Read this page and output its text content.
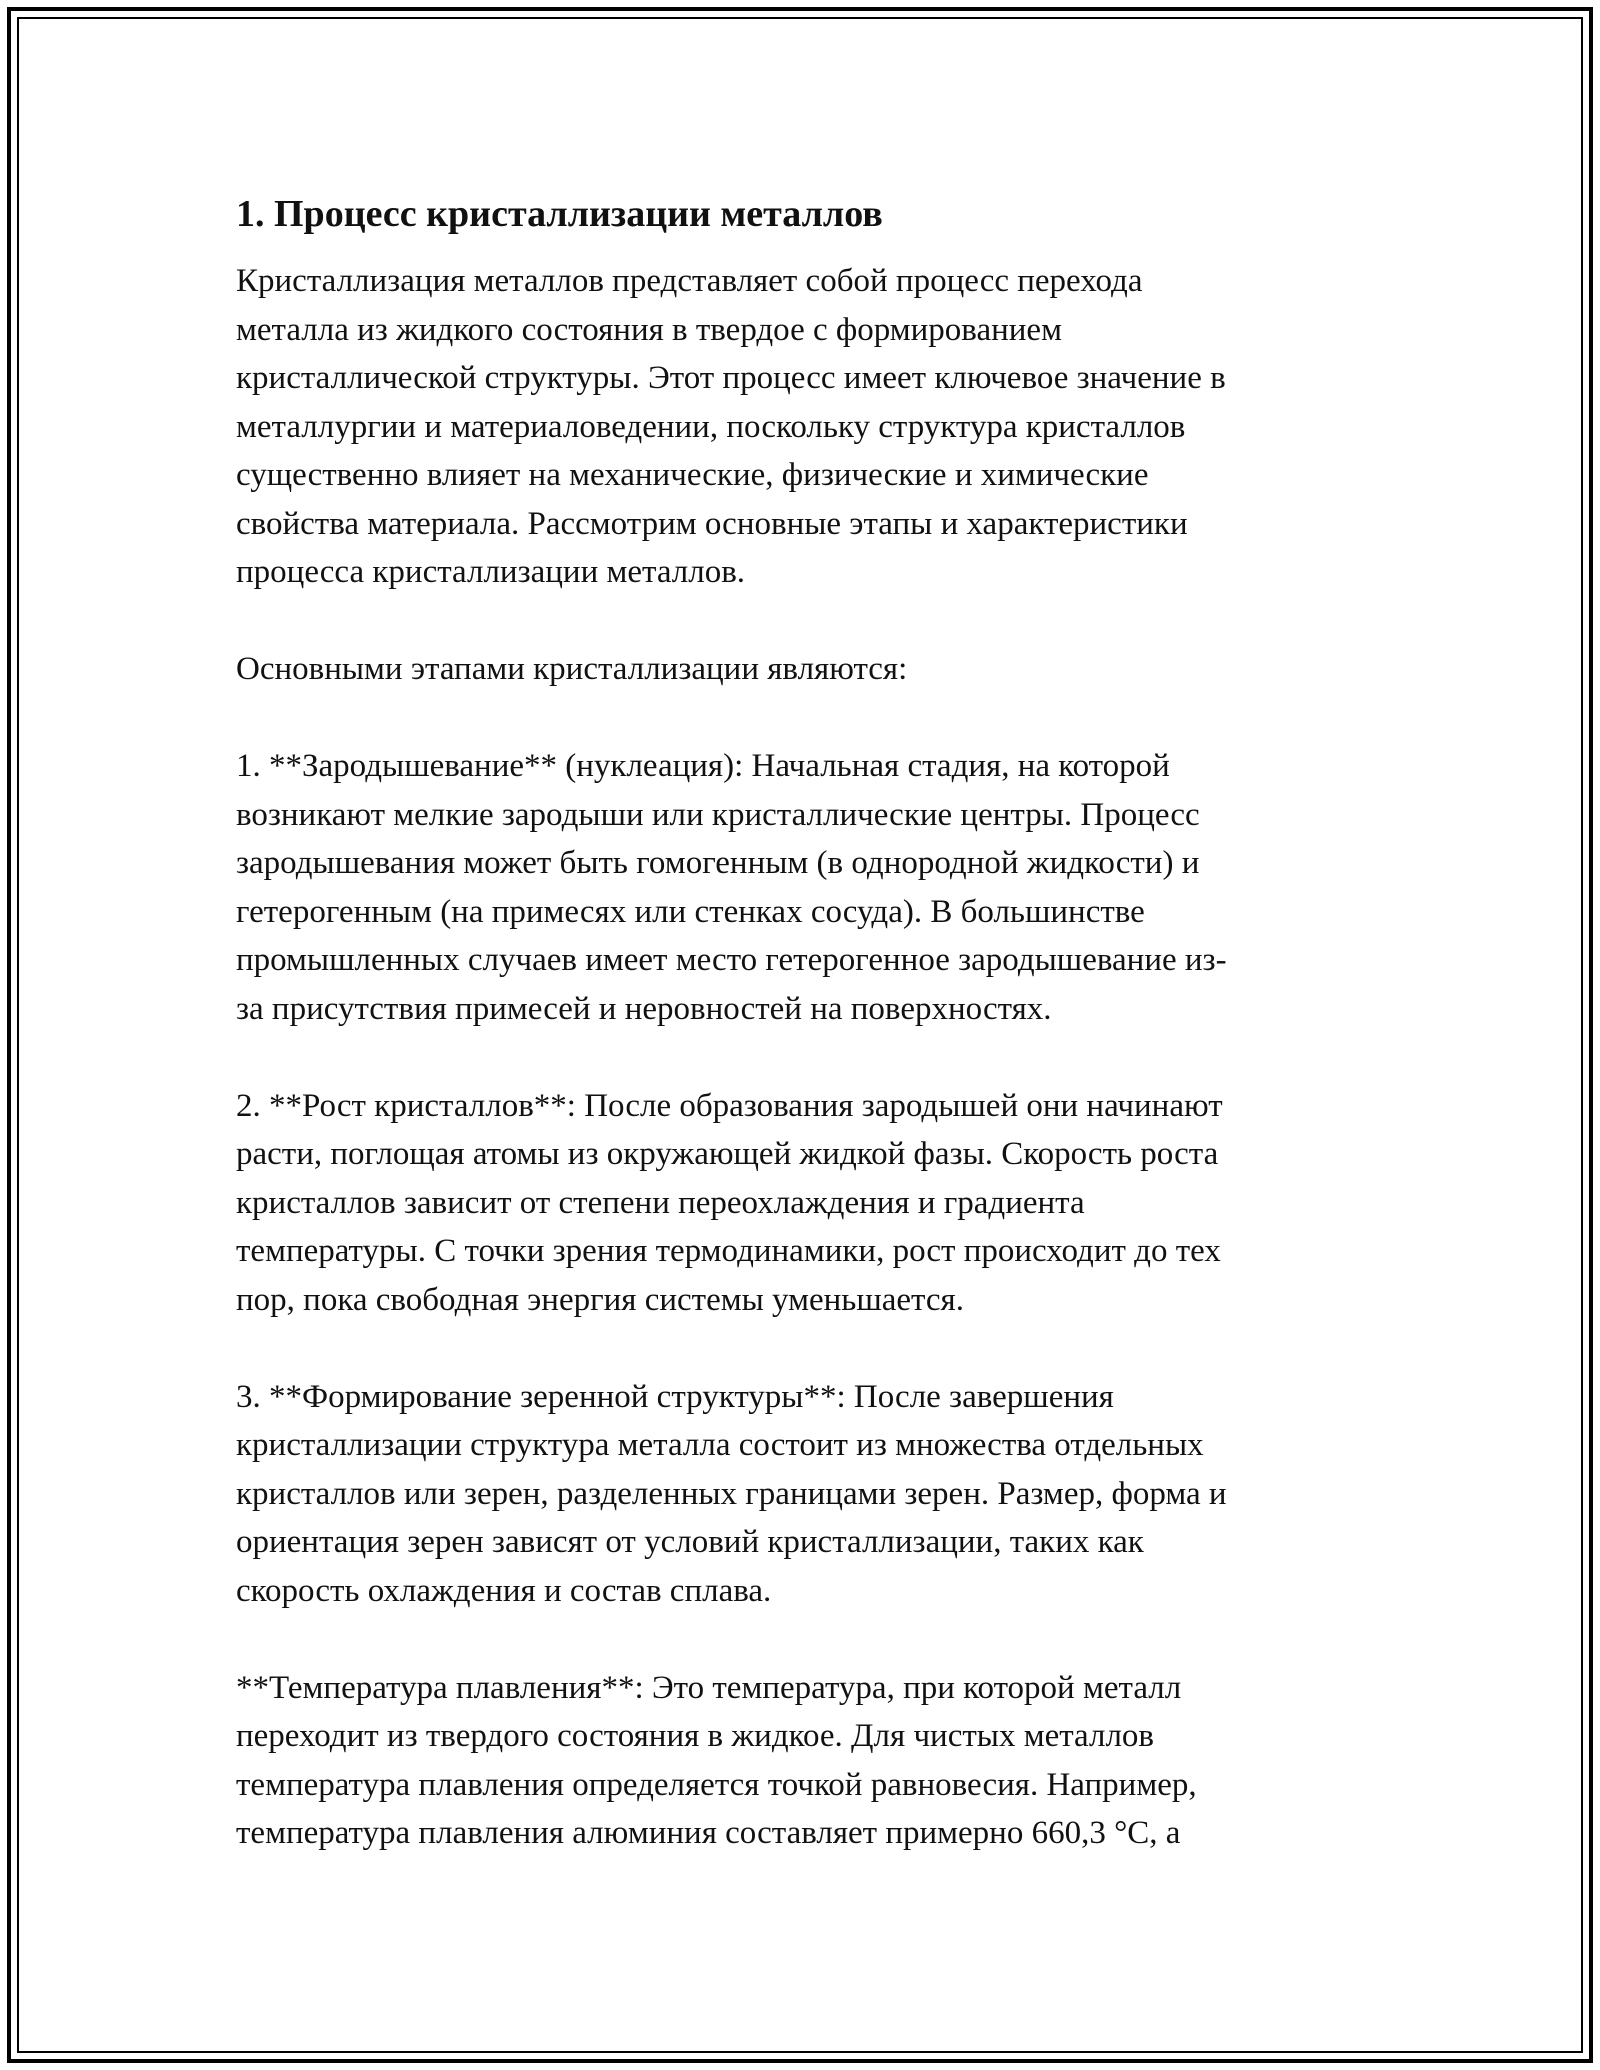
1. Процесс кристаллизации металлов
Кристаллизация металлов представляет собой процесс перехода
металла из жидкого состояния в твердое с формированием
кристаллической структуры. Этот процесс имеет ключевое значение в
металлургии и материаловедении, поскольку структура кристаллов
существенно влияет на механические, физические и химические
свойства материала. Рассмотрим основные этапы и характеристики
процесса кристаллизации металлов.
Основными этапами кристаллизации являются:
1. **Зародышевание** (нуклеация): Начальная стадия, на которой
возникают мелкие зародыши или кристаллические центры. Процесс
зародышевания может быть гомогенным (в однородной жидкости) и
гетерогенным (на примесях или стенках сосуда). В большинстве
промышленных случаев имеет место гетерогенное зародышевание из-
за присутствия примесей и неровностей на поверхностях.
2. **Рост кристаллов**: После образования зародышей они начинают
расти, поглощая атомы из окружающей жидкой фазы. Скорость роста
кристаллов зависит от степени переохлаждения и градиента
температуры. С точки зрения термодинамики, рост происходит до тех
пор, пока свободная энергия системы уменьшается.
3. **Формирование зеренной структуры**: После завершения
кристаллизации структура металла состоит из множества отдельных
кристаллов или зерен, разделенных границами зерен. Размер, форма и
ориентация зерен зависят от условий кристаллизации, таких как
скорость охлаждения и состав сплава.
**Температура плавления**: Это температура, при которой металл
переходит из твердого состояния в жидкое. Для чистых металлов
температура плавления определяется точкой равновесия. Например,
температура плавления алюминия составляет примерно 660,3 °C, а
